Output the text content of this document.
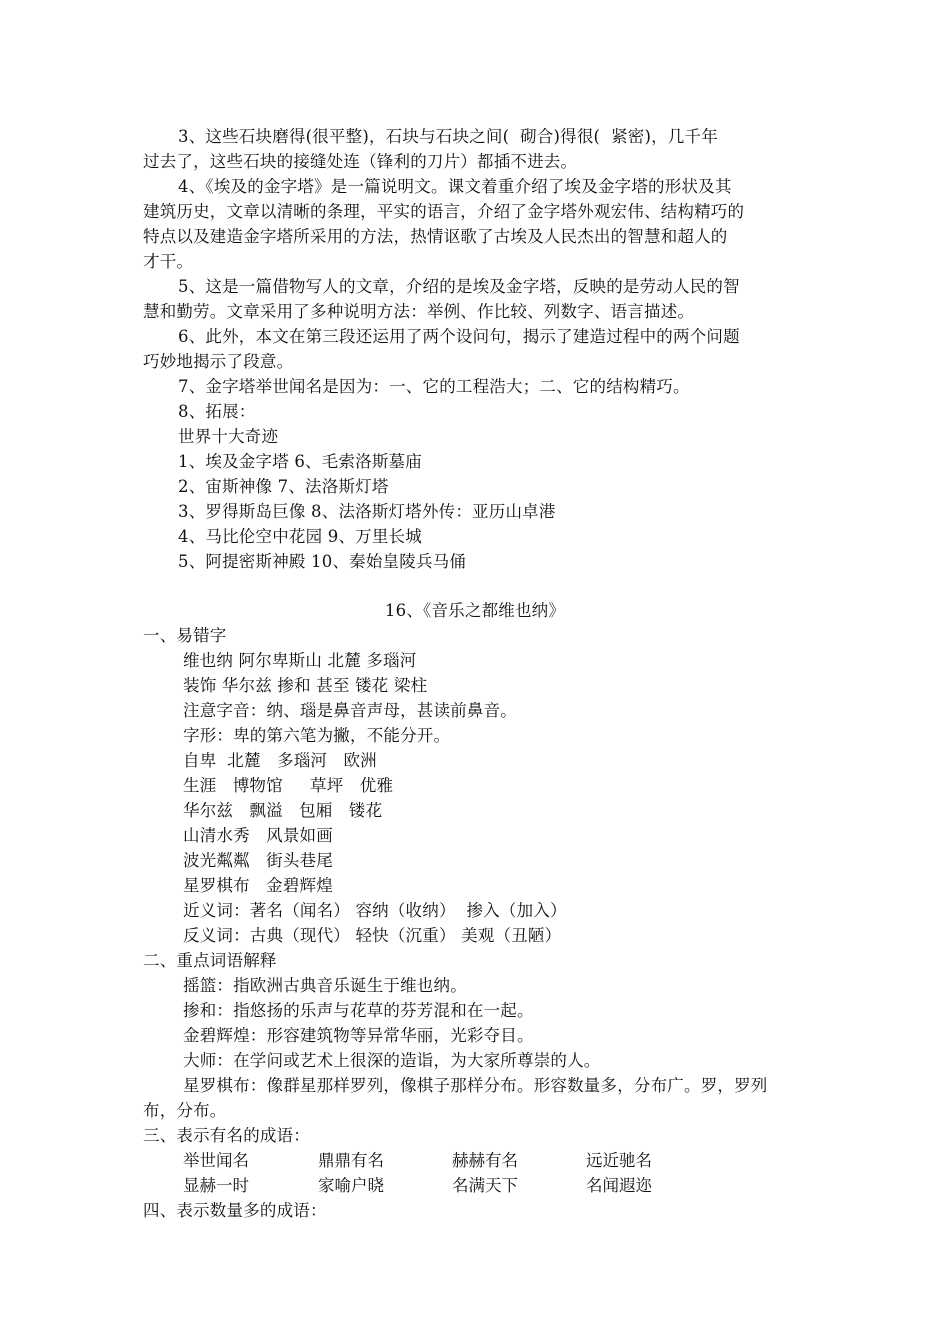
3、这些石块磨得(很平整)，石块与石块之间(  砌合)得很(  紧密)，几千年
过去了，这些石块的接缝处连（锋利的刀片）都插不进去。
4、《埃及的金字塔》是一篇说明文。课文着重介绍了埃及金字塔的形状及其
建筑历史，文章以清晰的条理，平实的语言，介绍了金字塔外观宏伟、结构精巧的
特点以及建造金字塔所采用的方法，热情讴歌了古埃及人民杰出的智慧和超人的
才干。
5、这是一篇借物写人的文章，介绍的是埃及金字塔，反映的是劳动人民的智
慧和勤劳。文章采用了多种说明方法：举例、作比较、列数字、语言描述。
6、此外，本文在第三段还运用了两个设问句，揭示了建造过程中的两个问题
巧妙地揭示了段意。
7、金字塔举世闻名是因为：一、它的工程浩大；二、它的结构精巧。
8、拓展：
世界十大奇迹
1、埃及金字塔 6、毛索洛斯墓庙
2、宙斯神像 7、法洛斯灯塔
3、罗得斯岛巨像 8、法洛斯灯塔外传：亚历山卓港
4、马比伦空中花园 9、万里长城
5、阿提密斯神殿 10、秦始皇陵兵马俑
16、《音乐之都维也纳》
一、易错字
维也纳 阿尔卑斯山 北麓 多瑙河
装饰 华尔兹 掺和 甚至 镂花 梁柱
注意字音：纳、瑙是鼻音声母，甚读前鼻音。
字形：卑的第六笔为撇，不能分开。
自卑  北麓   多瑙河   欧洲
生涯   博物馆     草坪   优雅
华尔兹   飘溢   包厢   镂花
山清水秀   风景如画
波光粼粼   街头巷尾
星罗棋布   金碧辉煌
近义词：著名（闻名） 容纳（收纳）  掺入（加入）
反义词：古典（现代） 轻快（沉重） 美观（丑陋）
二、重点词语解释
摇篮：指欧洲古典音乐诞生于维也纳。
掺和：指悠扬的乐声与花草的芬芳混和在一起。
金碧辉煌：形容建筑物等异常华丽，光彩夺目。
大师：在学问或艺术上很深的造诣，为大家所尊崇的人。
星罗棋布：像群星那样罗列，像棋子那样分布。形容数量多，分布广。罗，罗列
布，分布。
三、表示有名的成语：
举世闻名	鼎鼎有名	赫赫有名	远近驰名
显赫一时	家喻户晓	名满天下	名闻遐迩
四、表示数量多的成语：
